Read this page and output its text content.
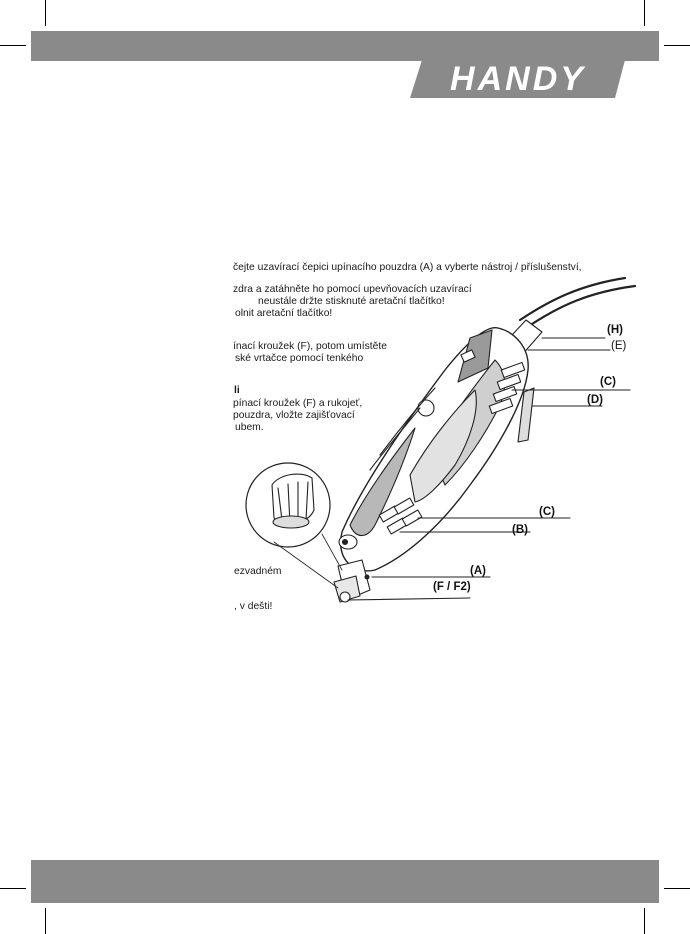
HANDY
čejte uzavírací čepici upínacího pouzdra (A) a vyberte nástroj / příslušenství,
zdra a zatáhněte ho pomocí upevňovacích uzavírací
neustále držte stisknuté aretační tlačítko!
olnit aretační tlačítko!
ínací kroužek (F), potom umístěte
ské vrtačce pomocí tenkého
li
pínací kroužek (F) a rukojeť,
pouzdra, vložte zajišťovací
ubem.
ezvadném
, v dešti!
(H)
(E)
(C)
(D)
(C)
(B)
(A)
(F / F2)
